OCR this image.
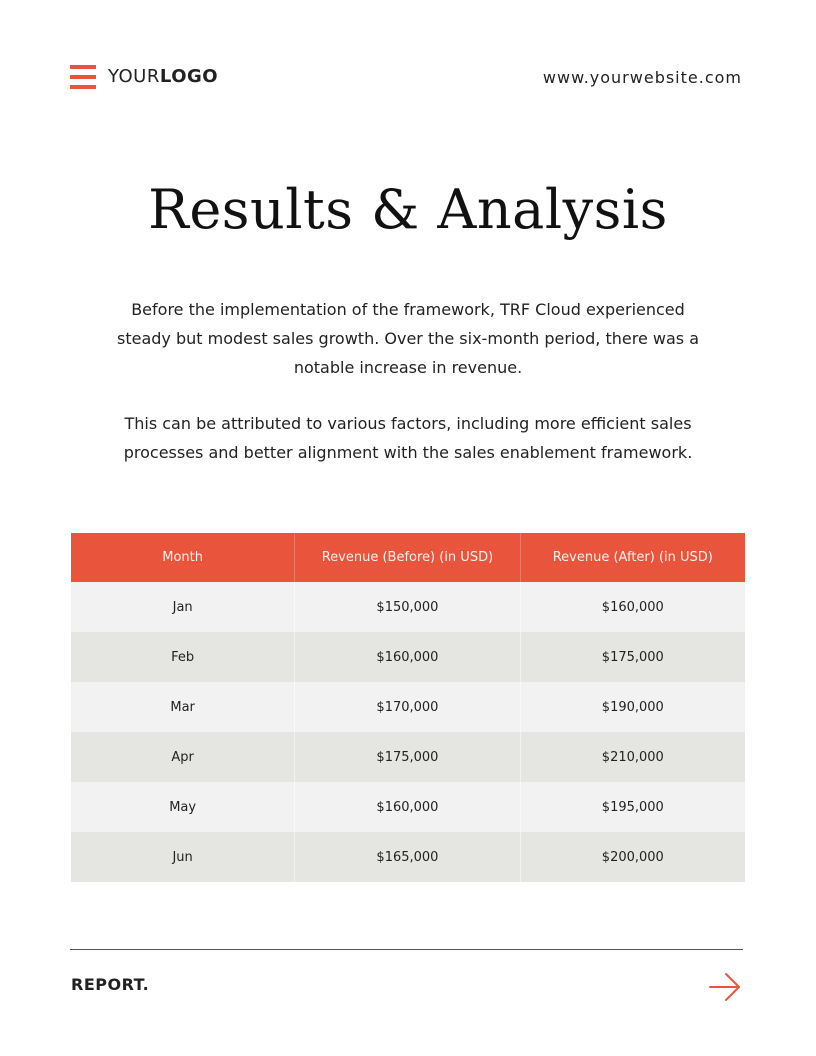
YOURLOGO	www.yourwebsite.com
Results & Analysis

Before the implementation of the framework, TRF Cloud experienced steady but modest sales growth. Over the six-month period, there was a notable increase in revenue.

This can be attributed to various factors, including more efficient sales processes and better alignment with the sales enablement framework.

Month	Revenue (Before) (in USD)	Revenue (After) (in USD)
Jan	$150,000	$160,000
Feb	$160,000	$175,000
Mar	$170,000	$190,000
Apr	$175,000	$210,000
May	$160,000	$195,000
Jun	$165,000	$200,000
REPORT.
